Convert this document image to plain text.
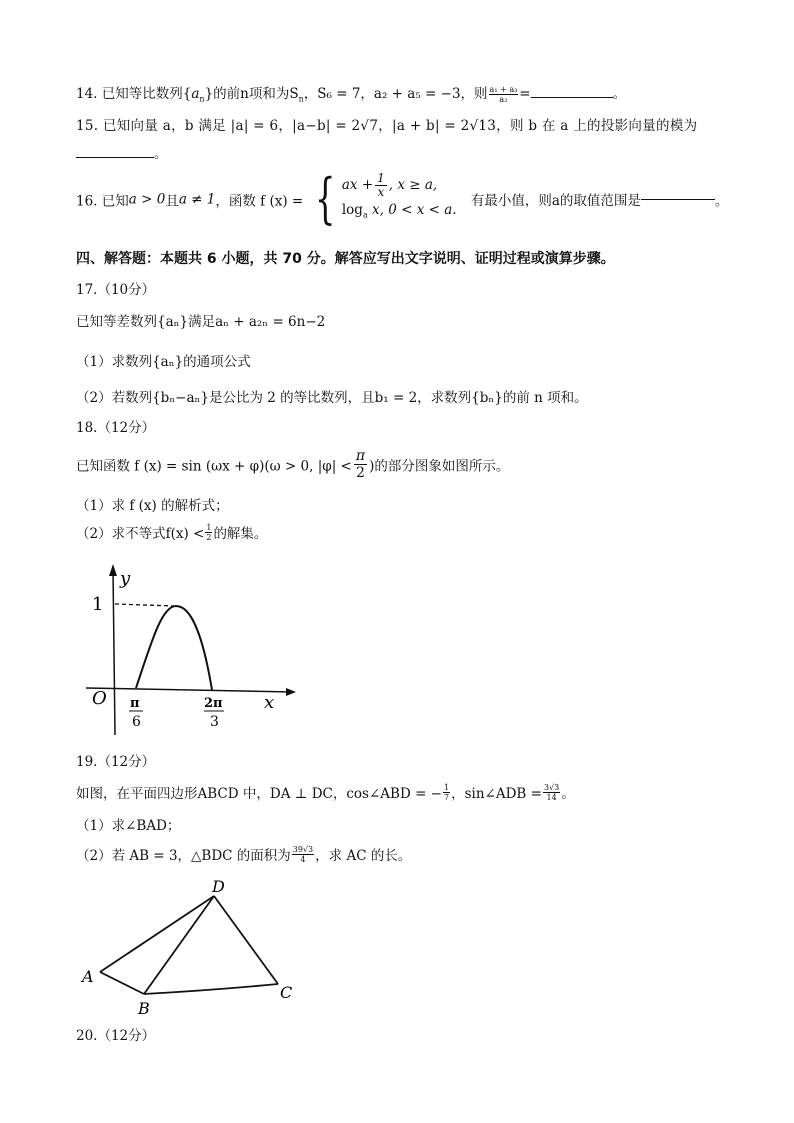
14. 已知等比数列$\{a_n\}$的前n项和为$S_n$，S₆ = 7，a₂ + a₅ = −3，则 $\frac{\text{a₁ + a₃}}{\text{a₂}}$ =	。
15. 已知向量 a，b 满足 |a| = 6，|a−b| = 2√7，|a + b| = 2√13，则 b 在 a 上的投影向量的模为
。
16. 已知a > 0且a ≠ 1，函数 f (x) = { ax + $\frac{1}{x}$ , x ≥ a,
$\log_a x$, 0 < x < a.
有最小值，则a的取值范围是	。
四、解答题：本题共 6 小题，共 70 分。解答应写出文字说明、证明过程或演算步骤。
17.（10分）
已知等差数列{aₙ}满足aₙ + a₂ₙ = 6n−2
（1）求数列{aₙ}的通项公式
（2）若数列{bₙ−aₙ}是公比为 2 的等比数列，且b₁ = 2，求数列{bₙ}的前 n 项和。
18.（12分）
已知函数 f (x) = sin (ωx + φ)(ω > 0, $|\varphi| < \frac{\pi}{2}$ )的部分图象如图所示。
（1）求 f (x) 的解析式；
（2）求不等式$f(x) < \frac{1}{2}$ 的解集。
y
x
O
1
π
6
2π
3
19.（12分）
如图，在平面四边形ABCD 中，DA ⊥ DC，cos∠ABD = − $\frac{1}{7}$ ，sin∠ADB = $\frac{3√3}{14}$ 。
（1）求∠BAD；
（2）若 AB = 3，△BDC 的面积为 $\frac{39√3}{4}$ ，求 AC 的长。
D
A
B
C
20.（12分）
